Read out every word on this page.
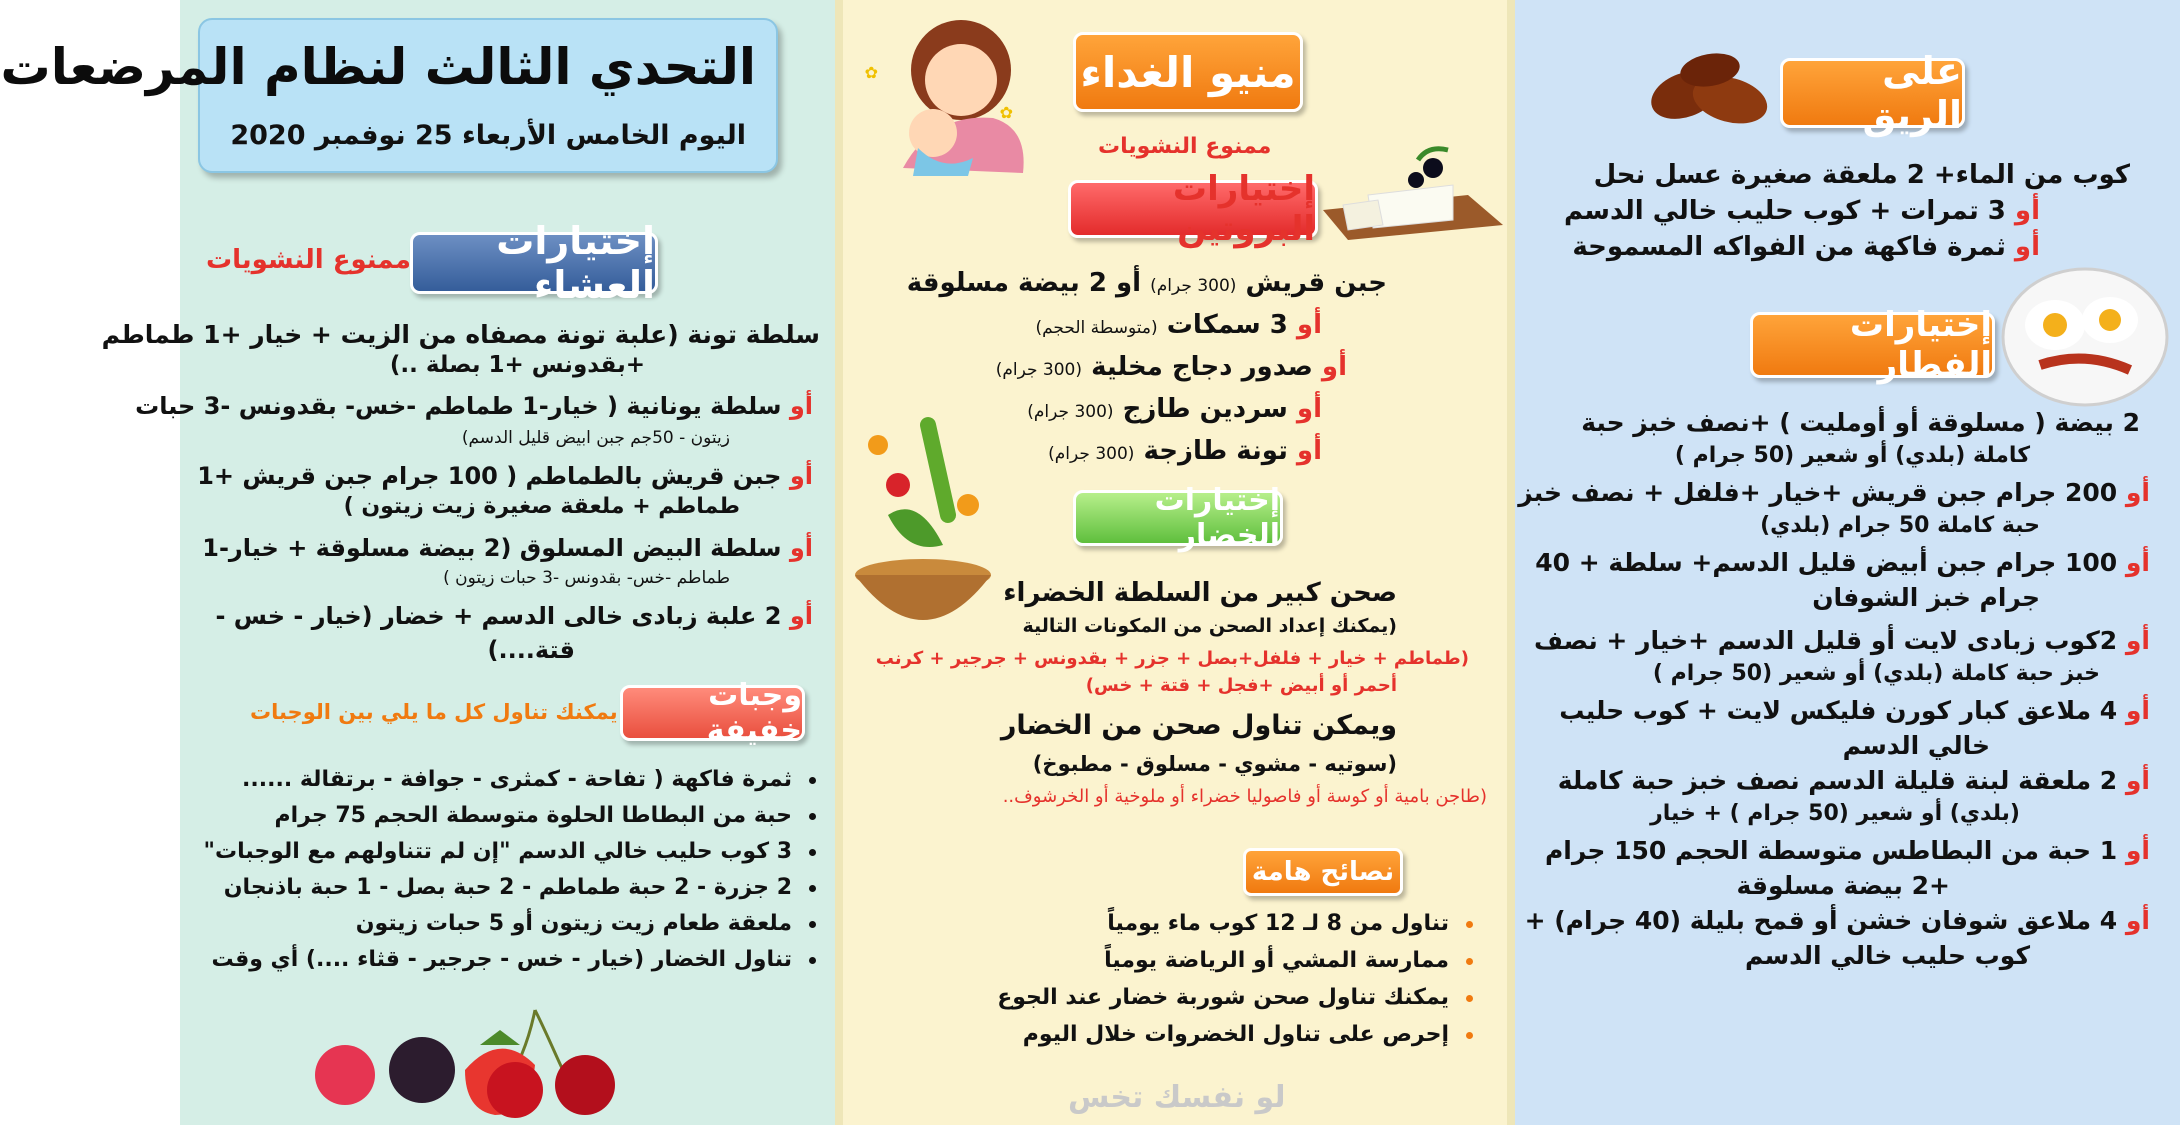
التحدي الثالث لنظام المرضعات
اليوم الخامس الأربعاء 25 نوفمبر 2020
إختيارات العشاء
ممنوع النشويات
سلطة تونة (علبة تونة مصفاه من الزيت + خيار +1 طماطم
+بقدونس +1 بصلة ..)
أو سلطة يونانية ( خيار-1 طماطم -خس- بقدونس -3 حبات
زيتون - 50جم جبن ابيض قليل الدسم)
أو جبن قريش بالطماطم ( 100 جرام جبن قريش +1
طماطم + ملعقة صغيرة زيت زيتون )
أو سلطة البيض المسلوق (2 بيضة مسلوقة + خيار-1
طماطم -خس- بقدونس -3 حبات زيتون )
أو 2 علبة زبادى خالى الدسم + خضار (خيار - خس -
قتة....)
وجبات خفيفة
يمكنك تناول كل ما يلي بين الوجبات
ثمرة فاكهة ( تفاحة - كمثرى - جوافة - برتقالة ......
حبة من البطاطا الحلوة متوسطة الحجم 75 جرام
3 كوب حليب خالي الدسم "إن لم تتناولهم مع الوجبات"
2 جزرة - 2 حبة طماطم - 2 حبة بصل - 1 حبة باذنجان
ملعقة طعام زيت زيتون أو 5 حبات زيتون
تناول الخضار (خيار - خس - جرجير - قثاء ....) أي وقت
✿
✿
منيو الغداء
ممنوع النشويات
إختيارات البروتين
جبن قريش (300 جرام) أو 2 بيضة مسلوقة
أو 3 سمكات (متوسطة الحجم)
أو صدور دجاج مخلية (300 جرام)
أو سردين طازج (300 جرام)
أو تونة طازجة (300 جرام)
إختيارات الخضار
صحن كبير من السلطة الخضراء
(يمكنك إعداد الصحن من المكونات التالية
(طماطم + خيار + فلفل+بصل + جزر + بقدونس + جرجير + كرنب
أحمر أو أبيض +فجل + قتة + خس)
ويمكن تناول صحن من الخضار
(سوتيه - مشوي - مسلوق - مطبوخ)
(طاجن بامية أو كوسة أو فاصوليا خضراء أو ملوخية أو الخرشوف..
نصائح هامة
تناول من 8 لـ 12 كوب ماء يومياً
ممارسة المشي أو الرياضة يومياً
يمكنك تناول صحن شوربة خضار عند الجوع
إحرص على تناول الخضروات خلال اليوم
لو نفسك تخس
على الريق
كوب من الماء+ 2 ملعقة صغيرة عسل نحل
أو 3 تمرات + كوب حليب خالي الدسم
أو ثمرة فاكهة من الفواكه المسموحة
إختيارات الفطار
2 بيضة ( مسلوقة أو أومليت ) +نصف خبز حبة
كاملة (بلدي) أو شعير (50 جرام )
أو 200 جرام جبن قريش +خيار +فلفل + نصف خبز
حبة كاملة 50 جرام (بلدي)
أو 100 جرام جبن أبيض قليل الدسم+ سلطة + 40
جرام خبز الشوفان
أو 2كوب زبادى لايت أو قليل الدسم +خيار + نصف
خبز حبة كاملة (بلدي) أو شعير (50 جرام )
أو 4 ملاعق كبار كورن فليكس لايت + كوب حليب
خالي الدسم
أو 2 ملعقة لبنة قليلة الدسم نصف خبز حبة كاملة
(بلدي) أو شعير (50 جرام ) + خيار
أو 1 حبة من البطاطس متوسطة الحجم 150 جرام
+2 بيضة مسلوقة
أو 4 ملاعق شوفان خشن أو قمح بليلة (40 جرام) +
كوب حليب خالي الدسم
